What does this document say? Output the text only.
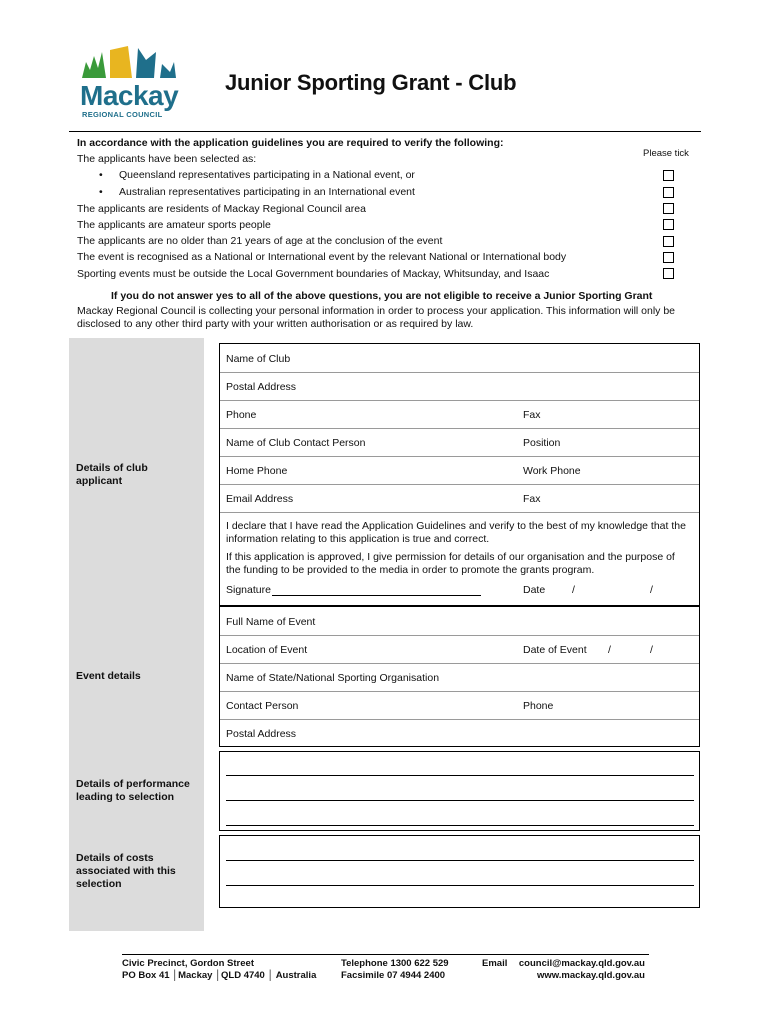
Mackay
REGIONAL COUNCIL
Junior Sporting Grant - Club
In accordance with the application guidelines you are required to verify the following:
Please tick
The applicants have been selected as:
• Queensland representatives participating in a National event, or
• Australian representatives participating in an International event
The applicants are residents of Mackay Regional Council area
The applicants are amateur sports people
The applicants are no older than 21 years of age at the conclusion of the event
The event is recognised as a National or International event by the relevant National or International body
Sporting events must be outside the Local Government boundaries of Mackay, Whitsunday, and Isaac
If you do not answer yes to all of the above questions, you are not eligible to receive a Junior Sporting Grant
Mackay Regional Council is collecting your personal information in order to process your application. This information will only be
disclosed to any other third party with your written authorisation or as required by law.
Details of club
applicant
Name of Club
Postal Address
Phone	Fax
Name of Club Contact Person	Position
Home Phone	Work Phone
Email Address	Fax
I declare that I have read the Application Guidelines and verify to the best of my knowledge that the
information relating to this application is true and correct.
If this application is approved, I give permission for details of our organisation and the purpose of
the funding to be provided to the media in order to promote the grants program.
Signature	Date	/	/
Event details
Full Name of Event
Location of Event	Date of Event /	/
Name of State/National Sporting Organisation
Contact Person	Phone
Postal Address
Details of performance
leading to selection
Details of costs
associated with this
selection
Civic Precinct, Gordon Street
PO Box 41 │Mackay │QLD 4740 │ Australia
Telephone 1300 622 529
Facsimile 07 4944 2400
Email council@mackay.qld.gov.au
www.mackay.qld.gov.au
